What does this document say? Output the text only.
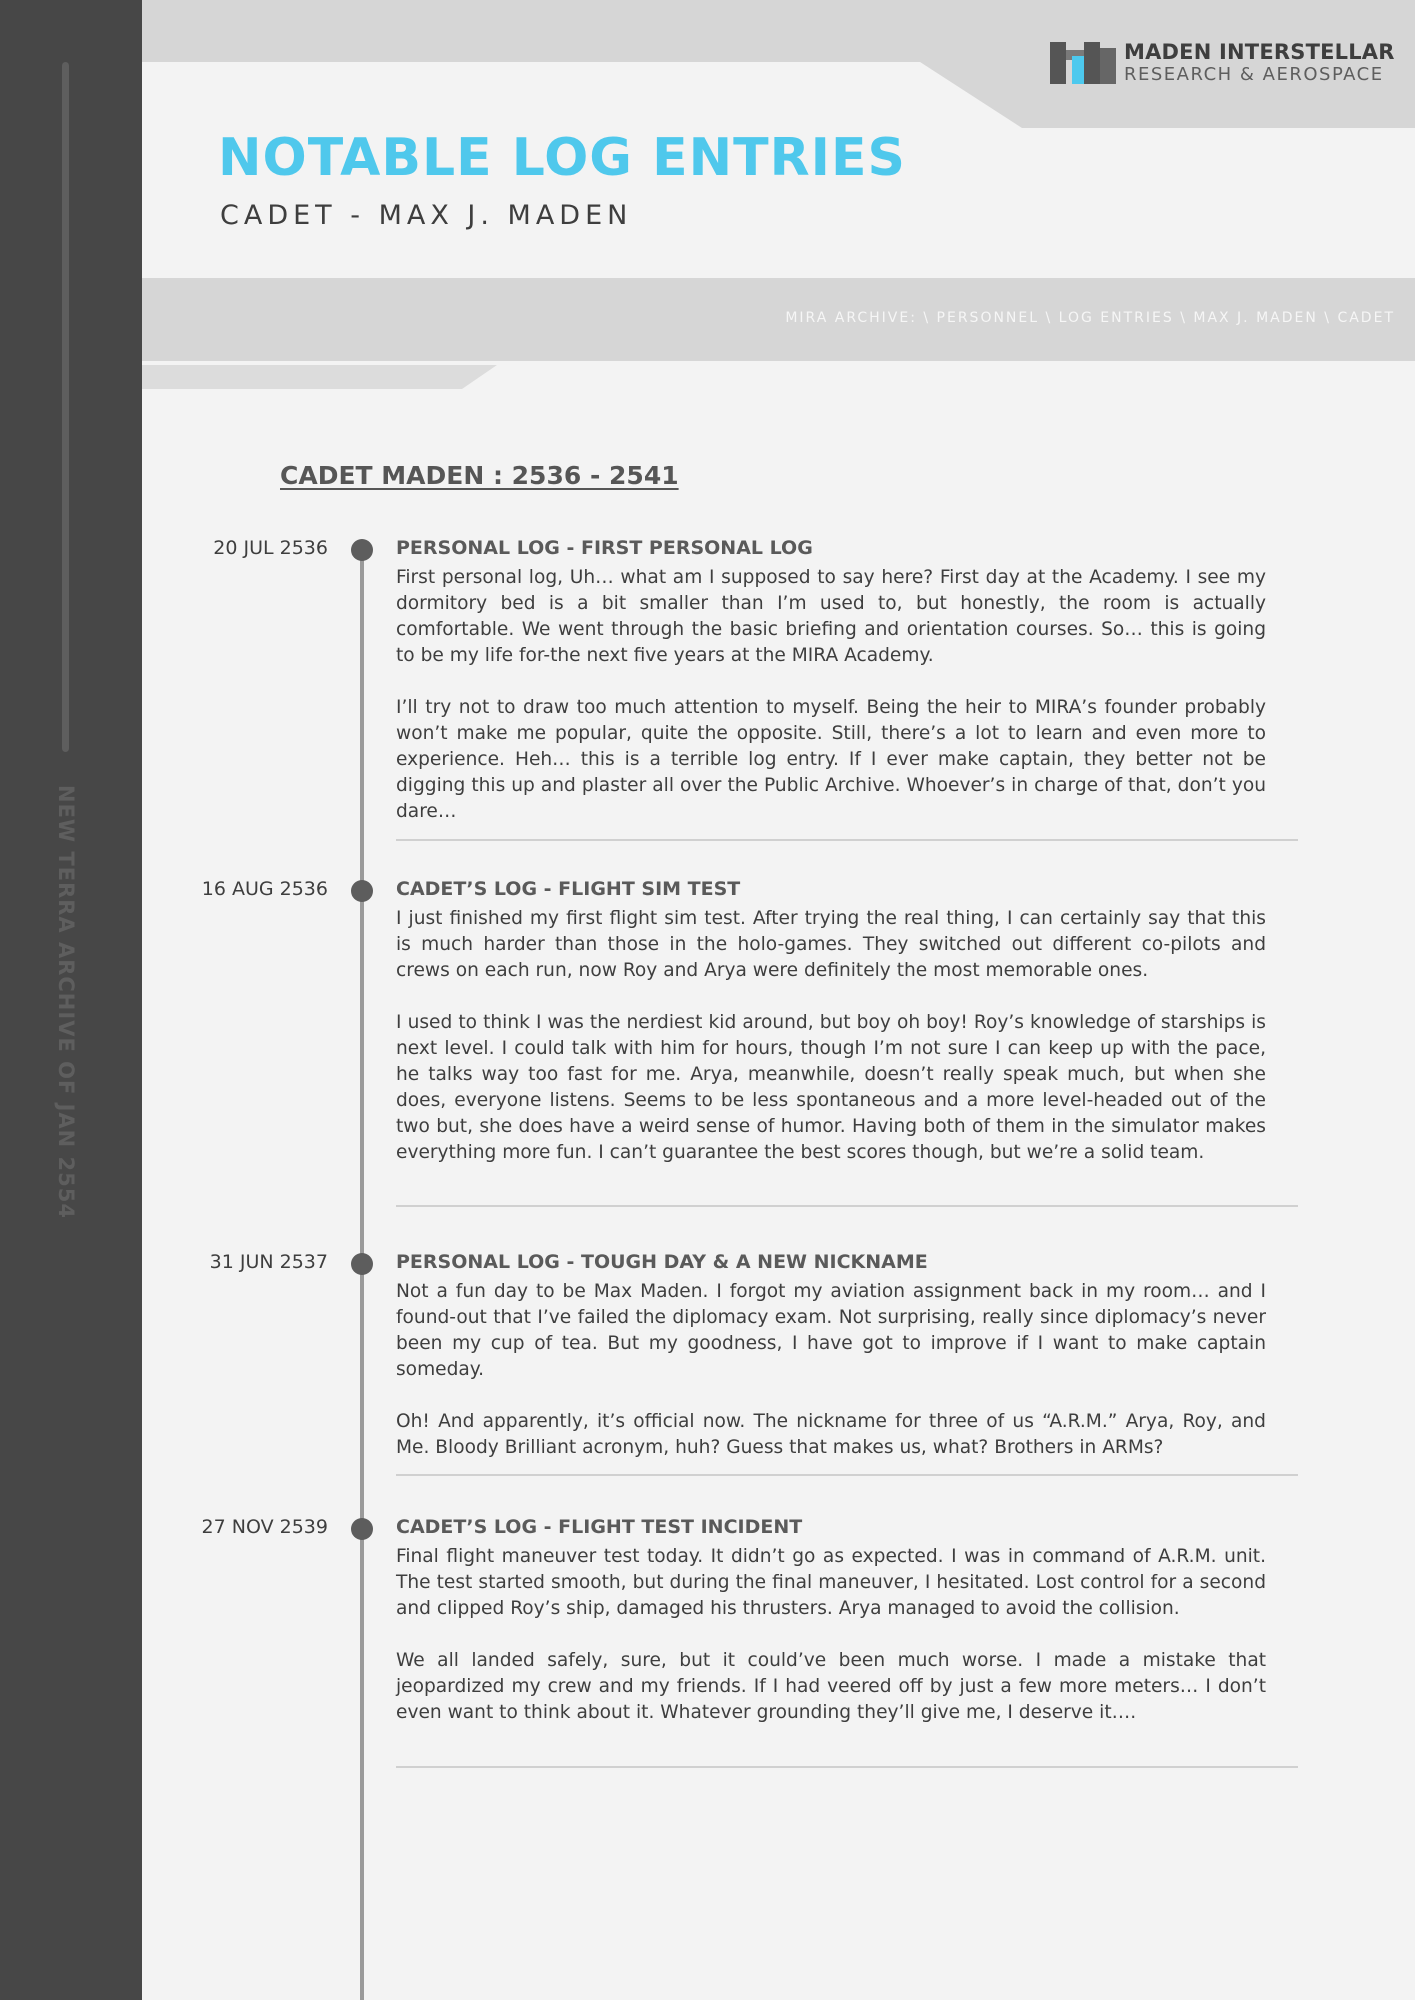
NEW TERRA ARCHIVE OF JAN 2554
MADEN INTERSTELLAR
RESEARCH & AEROSPACE
NOTABLE LOG ENTRIES
CADET - MAX J. MADEN
MIRA ARCHIVE: \ PERSONNEL \ LOG ENTRIES \ MAX J. MADEN \ CADET
CADET MADEN : 2536 - 2541
20 JUL 2536	PERSONAL LOG - FIRST PERSONAL LOG

First personal log, Uh… what am I supposed to say here? First day at the Academy. I see my dormitory bed is a bit smaller than I’m used to, but honestly, the room is actually comfortable. We went through the basic briefing and orientation courses. So… this is going to be my life for-the next five years at the MIRA Academy.

I’ll try not to draw too much attention to myself. Being the heir to MIRA’s founder probably won’t make me popular, quite the opposite. Still, there’s a lot to learn and even more to experience. Heh… this is a terrible log entry. If I ever make captain, they better not be digging this up and plaster all over the Public Archive. Whoever’s in charge of that, don’t you dare…

16 AUG 2536	CADET’S LOG - FLIGHT SIM TEST

I just finished my first flight sim test. After trying the real thing, I can certainly say that this is much harder than those in the holo-games. They switched out different co-pilots and crews on each run, now Roy and Arya were definitely the most memorable ones.

I used to think I was the nerdiest kid around, but boy oh boy! Roy’s knowledge of starships is next level. I could talk with him for hours, though I’m not sure I can keep up with the pace, he talks way too fast for me. Arya, meanwhile, doesn’t really speak much, but when she does, everyone listens. Seems to be less spontaneous and a more level-headed out of the two but, she does have a weird sense of humor. Having both of them in the simulator makes everything more fun. I can’t guarantee the best scores though, but we’re a solid team.

31 JUN 2537	PERSONAL LOG - TOUGH DAY & A NEW NICKNAME

Not a fun day to be Max Maden. I forgot my aviation assignment back in my room… and I found-out that I’ve failed the diplomacy exam. Not surprising, really since diplomacy’s never been my cup of tea. But my goodness, I have got to improve if I want to make captain someday.

Oh! And apparently, it’s official now. The nickname for three of us “A.R.M.” Arya, Roy, and Me. Bloody Brilliant acronym, huh? Guess that makes us, what? Brothers in ARMs?

27 NOV 2539	CADET’S LOG - FLIGHT TEST INCIDENT

Final flight maneuver test today. It didn’t go as expected. I was in command of A.R.M. unit. The test started smooth, but during the final maneuver, I hesitated. Lost control for a second and clipped Roy’s ship, damaged his thrusters. Arya managed to avoid the collision.

We all landed safely, sure, but it could’ve been much worse. I made a mistake that jeopardized my crew and my friends. If I had veered off by just a few more meters… I don’t even want to think about it. Whatever grounding they’ll give me, I deserve it….
